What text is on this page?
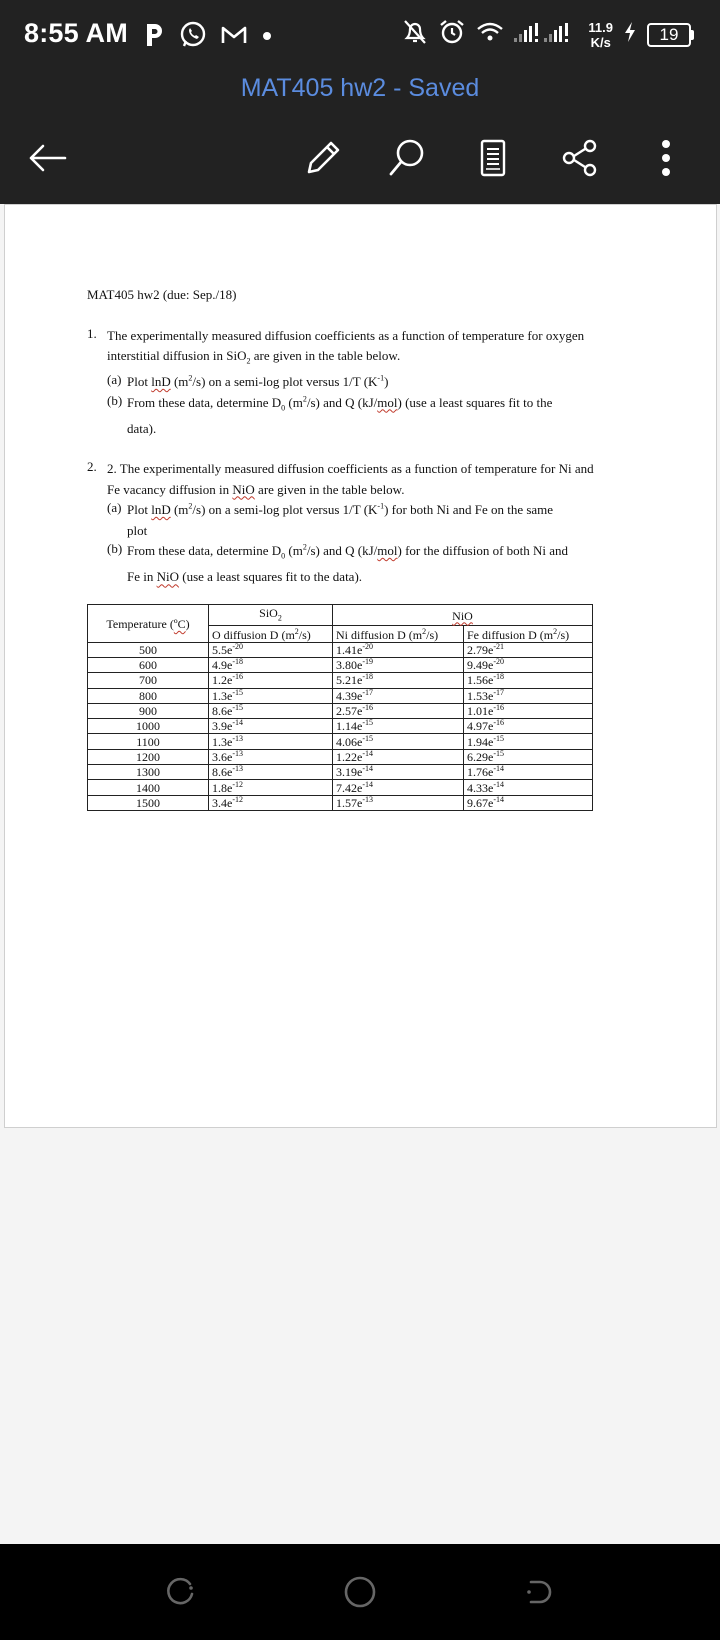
8:55 AM	11.9
K/s	19
MAT405 hw2 - Saved

MAT405 hw2 (due: Sep./18)

1. The experimentally measured diffusion coefficients as a function of temperature for oxygen

interstitial diffusion in SiO$_2$ are given in the table below.

(a) Plot lnD $(m^2/s)$ on a semi-log plot versus 1/T $(K^{-1})$

(b) From these data, determine $D_0$ $(m^2/s)$ and Q (kJ/mol) (use a least squares fit to the

data).

2. 2. The experimentally measured diffusion coefficients as a function of temperature for Ni and

Fe vacancy diffusion in NiO are given in the table below.

(a) Plot lnD $(m^2/s)$ on a semi-log plot versus 1/T $(K^{-1})$ for both Ni and Fe on the same

plot

(b) From these data, determine $D_0$ $(m^2/s)$ and Q (kJ/mol) for the diffusion of both Ni and

Fe in NiO (use a least squares fit to the data).

Temperature (ºC)	SiO$_2$	NiO	
	O diffusion D $(m^2/s)$	Ni diffusion D $(m^2/s)$	Fe diffusion D $(m^2/s)$
500	$5.5e^{-20}$	$1.41e^{-20}$	$2.79e^{-21}$
600	$4.9e^{-18}$	$3.80e^{-19}$	$9.49e^{-20}$
700	$1.2e^{-16}$	$5.21e^{-18}$	$1.56e^{-18}$
800	$1.3e^{-15}$	$4.39e^{-17}$	$1.53e^{-17}$
900	$8.6e^{-15}$	$2.57e^{-16}$	$1.01e^{-16}$
1000	$3.9e^{-14}$	$1.14e^{-15}$	$4.97e^{-16}$
1100	$1.3e^{-13}$	$4.06e^{-15}$	$1.94e^{-15}$
1200	$3.6e^{-13}$	$1.22e^{-14}$	$6.29e^{-15}$
1300	$8.6e^{-13}$	$3.19e^{-14}$	$1.76e^{-14}$
1400	$1.8e^{-12}$	$7.42e^{-14}$	$4.33e^{-14}$
1500	$3.4e^{-12}$	$1.57e^{-13}$	$9.67e^{-14}$
